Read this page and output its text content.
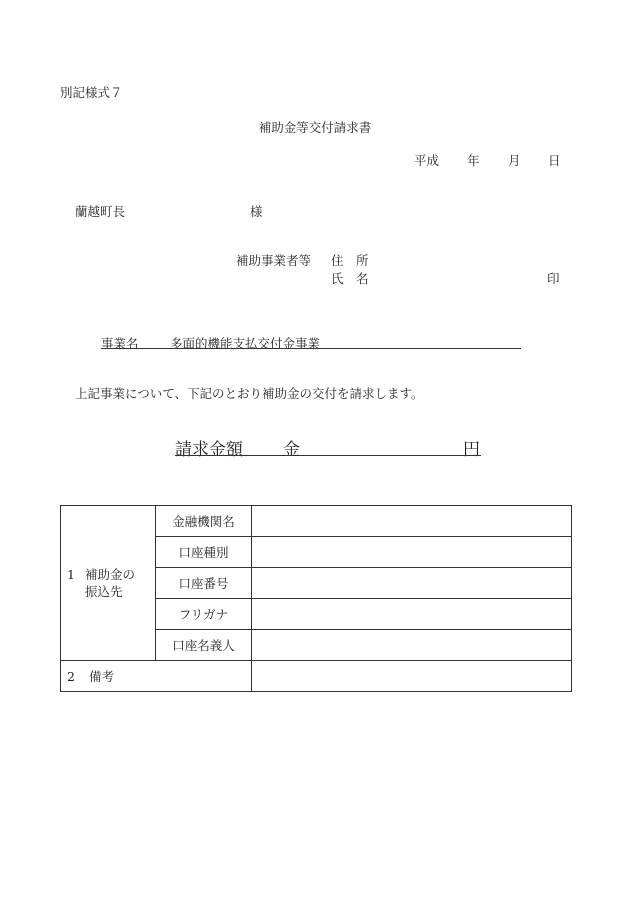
別記様式７
補助金等交付請求書
平成 年 月 日
蘭越町長	様
補助事業者等 住　所
氏　名	印
事業名	多面的機能支払交付金事業
上記事業について、下記のとおり補助金の交付を請求します。
請求金額 金	円
1 補助金の
振込先	金融機関名	
	口座種別	
	口座番号	
	フリガナ	
	口座名義人	

2 備考		
